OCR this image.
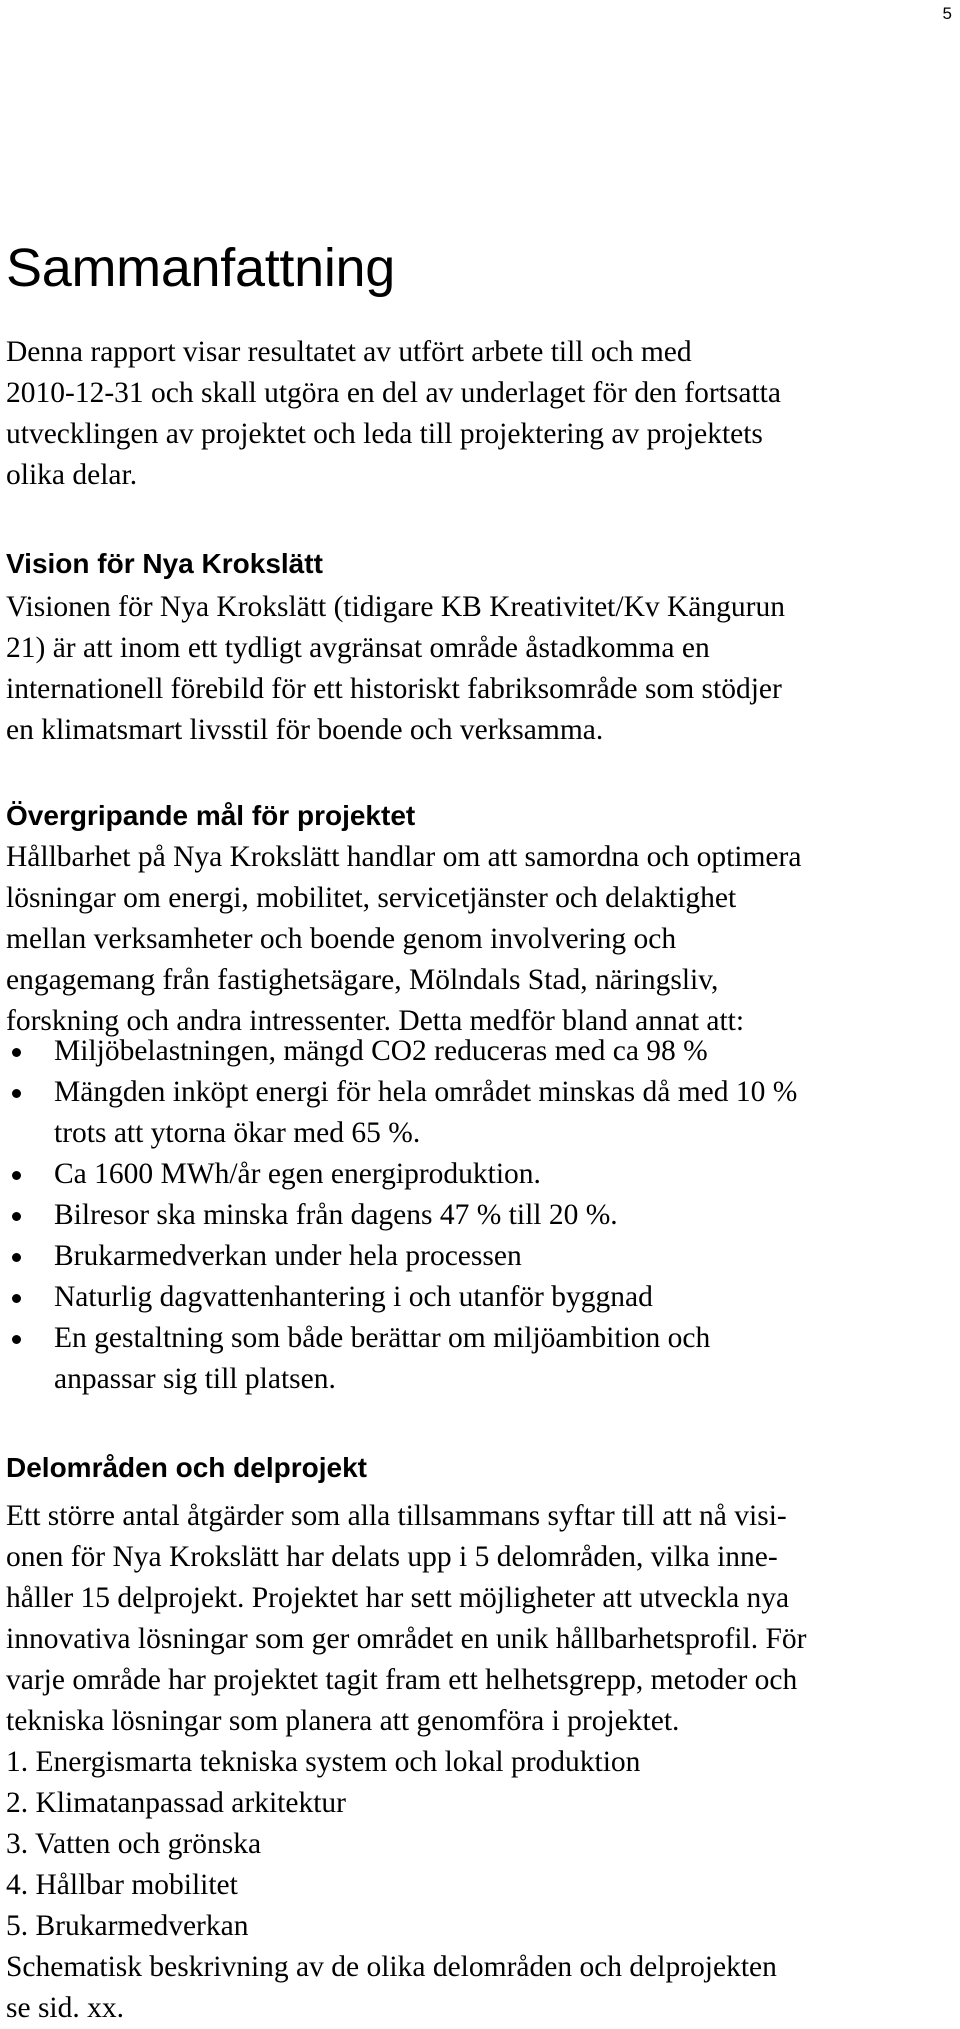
5
Sammanfattning
Denna rapport visar resultatet av utfört arbete till och med
2010-12-31 och skall utgöra en del av underlaget för den fortsatta
utvecklingen av projektet och leda till projektering av projektets
olika delar.
Vision för Nya Krokslätt
Visionen för Nya Krokslätt (tidigare KB Kreativitet/Kv Kängurun
21) är att inom ett tydligt avgränsat område åstadkomma en
internationell förebild för ett historiskt fabriksområde som stödjer
en klimatsmart livsstil för boende och verksamma.
Övergripande mål för projektet
Hållbarhet på Nya Krokslätt handlar om att samordna och optimera
lösningar om energi, mobilitet, servicetjänster och delaktighet
mellan verksamheter och boende genom involvering och
engagemang från fastighetsägare, Mölndals Stad, näringsliv,
forskning och andra intressenter. Detta medför bland annat att:
Miljöbelastningen, mängd CO2 reduceras med ca 98 %
Mängden inköpt energi för hela området minskas då med 10 %
trots att ytorna ökar med 65 %.
Ca 1600 MWh/år egen energiproduktion.
Bilresor ska minska från dagens 47 % till 20 %.
Brukarmedverkan under hela processen
Naturlig dagvattenhantering i och utanför byggnad
En gestaltning som både berättar om miljöambition och
anpassar sig till platsen.
Delområden och delprojekt
Ett större antal åtgärder som alla tillsammans syftar till att nå visi-
onen för Nya Krokslätt har delats upp i 5 delområden, vilka inne-
håller 15 delprojekt. Projektet har sett möjligheter att utveckla nya
innovativa lösningar som ger området en unik hållbarhetsprofil. För
varje område har projektet tagit fram ett helhetsgrepp, metoder och
tekniska lösningar som planera att genomföra i projektet.
1. Energismarta tekniska system och lokal produktion
2. Klimatanpassad arkitektur
3. Vatten och grönska
4. Hållbar mobilitet
5. Brukarmedverkan
Schematisk beskrivning av de olika delområden och delprojekten
se sid. xx.
